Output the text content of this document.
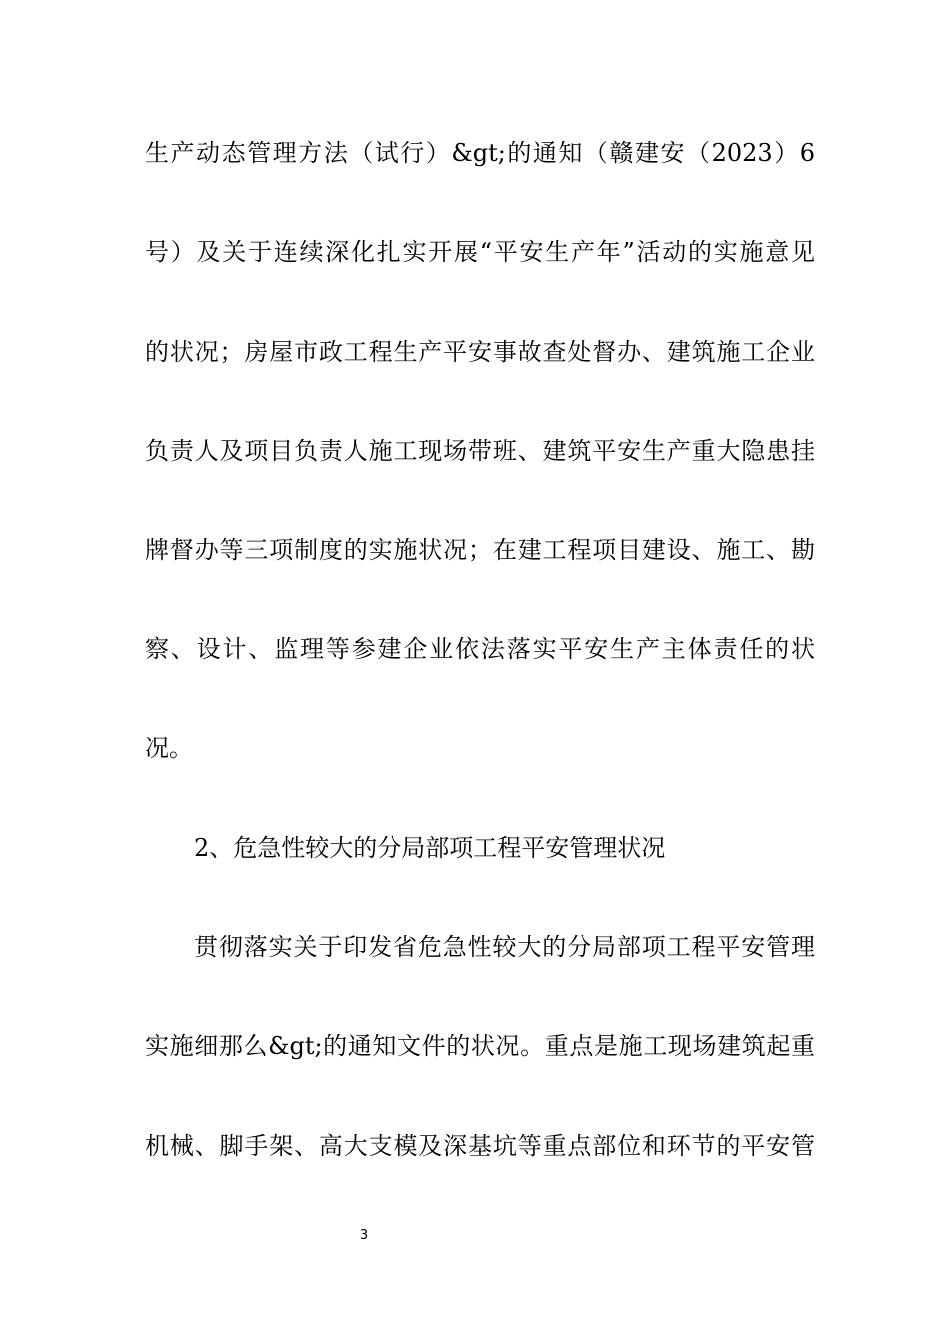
生产动态管理方法（试行）&gt;的通知（赣建安（2023）6
号）及关于连续深化扎实开展“平安生产年”活动的实施意见
的状况；房屋市政工程生产平安事故查处督办、建筑施工企业
负责人及项目负责人施工现场带班、建筑平安生产重大隐患挂
牌督办等三项制度的实施状况；在建工程项目建设、施工、勘
察、设计、监理等参建企业依法落实平安生产主体责任的状
况。
2、危急性较大的分局部项工程平安管理状况
贯彻落实关于印发省危急性较大的分局部项工程平安管理
实施细那么&gt;的通知文件的状况。重点是施工现场建筑起重
机械、脚手架、高大支模及深基坑等重点部位和环节的平安管
3
